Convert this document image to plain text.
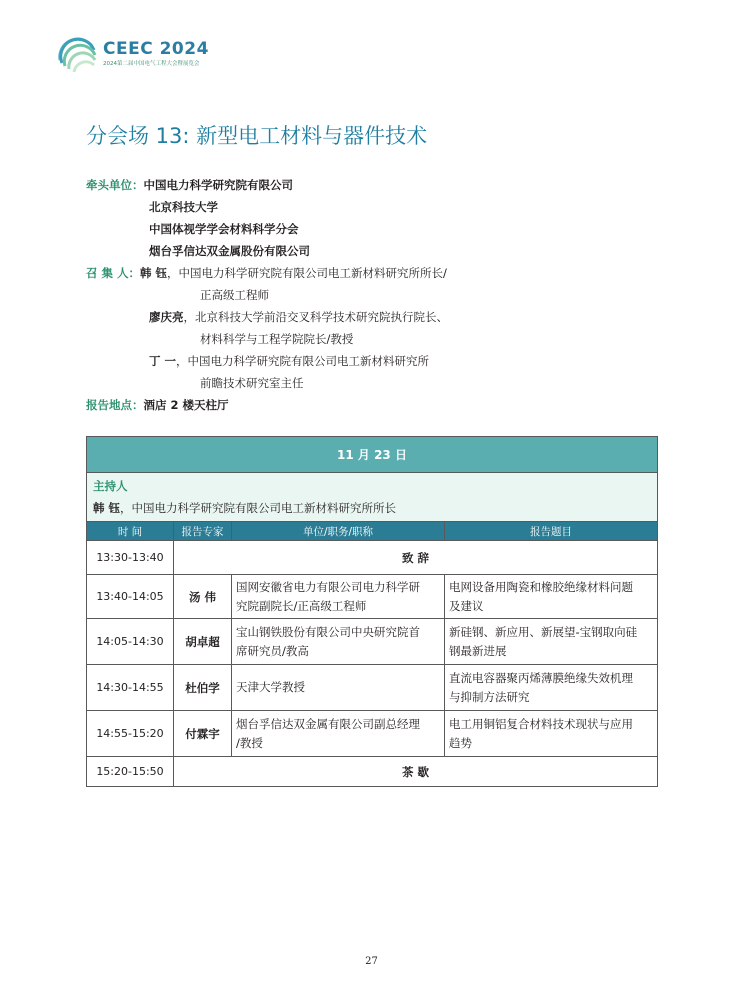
CEEC 2024
2024第二届中国电气工程大会暨展览会
分会场 13: 新型电工材料与器件技术
牵头单位：中国电力科学研究院有限公司
北京科技大学
中国体视学学会材料科学分会
烟台孚信达双金属股份有限公司
召 集 人：韩 钰，中国电力科学研究院有限公司电工新材料研究所所长/
正高级工程师
廖庆亮，北京科技大学前沿交叉科学技术研究院执行院长、
材料科学与工程学院院长/教授
丁 一，中国电力科学研究院有限公司电工新材料研究所
前瞻技术研究室主任
报告地点：酒店 2 楼天柱厅
11 月 23 日			

主持人
韩 钰，中国电力科学研究院有限公司电工新材料研究所所长			
时 间	报告专家	单位/职务/职称	报告题目
13:30-13:40	致 辞		
13:40-14:05	汤 伟	国网安徽省电力有限公司电力科学研
究院副院长/正高级工程师	电网设备用陶瓷和橡胶绝缘材料问题
及建议
14:05-14:30	胡卓超	宝山钢铁股份有限公司中央研究院首
席研究员/教高	新硅钢、新应用、新展望-宝钢取向硅
钢最新进展
14:30-14:55	杜伯学	天津大学教授	直流电容器聚丙烯薄膜绝缘失效机理
与抑制方法研究
14:55-15:20	付霖宇	烟台孚信达双金属有限公司副总经理
/教授	电工用铜铝复合材料技术现状与应用
趋势
15:20-15:50	茶 歇		
27
